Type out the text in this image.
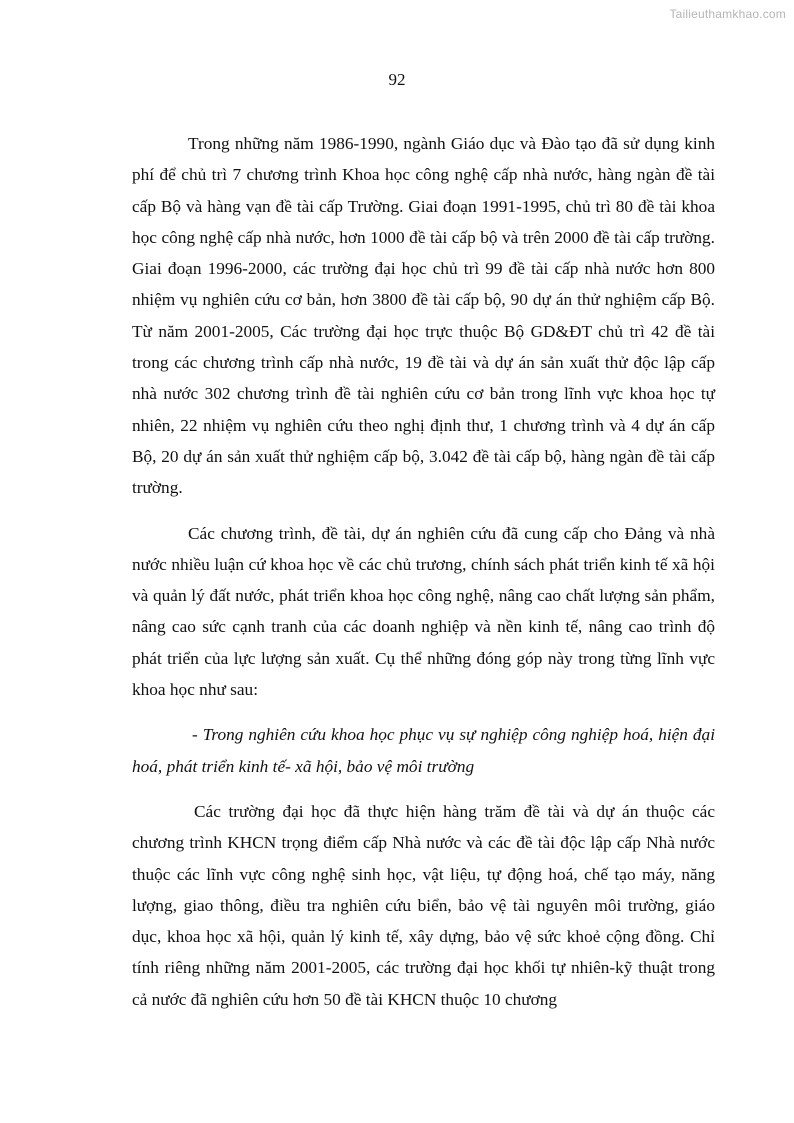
Tailieuthamkhao.com
92

Trong những năm 1986-1990, ngành Giáo dục và Đào tạo đã sử dụng kinh phí để chủ trì 7 chương trình Khoa học công nghệ cấp nhà nước, hàng ngàn đề tài cấp Bộ và hàng vạn đề tài cấp Trường. Giai đoạn 1991-1995, chủ trì 80 đề tài khoa học công nghệ cấp nhà nước, hơn 1000 đề tài cấp bộ và trên 2000 đề tài cấp trường. Giai đoạn 1996-2000, các trường đại học chủ trì 99 đề tài cấp nhà nước hơn 800 nhiệm vụ nghiên cứu cơ bản, hơn 3800 đề tài cấp bộ, 90 dự án thử nghiệm cấp Bộ. Từ năm 2001-2005, Các trường đại học trực thuộc Bộ GD&ĐT chủ trì 42 đề tài trong các chương trình cấp nhà nước, 19 đề tài và dự án sản xuất thử độc lập cấp nhà nước 302 chương trình đề tài nghiên cứu cơ bản trong lĩnh vực khoa học tự nhiên, 22 nhiệm vụ nghiên cứu theo nghị định thư, 1 chương trình và 4 dự án cấp Bộ, 20 dự án sản xuất thử nghiệm cấp bộ, 3.042 đề tài cấp bộ, hàng ngàn đề tài cấp trường.

Các chương trình, đề tài, dự án nghiên cứu đã cung cấp cho Đảng và nhà nước nhiều luận cứ khoa học về các chủ trương, chính sách phát triển kinh tế xã hội và quản lý đất nước, phát triển khoa học công nghệ, nâng cao chất lượng sản phẩm, nâng cao sức cạnh tranh của các doanh nghiệp và nền kinh tế, nâng cao trình độ phát triển của lực lượng sản xuất. Cụ thể những đóng góp này trong từng lĩnh vực khoa học như sau:

- Trong nghiên cứu khoa học phục vụ sự nghiệp công nghiệp hoá, hiện đại hoá, phát triển kinh tế- xã hội, bảo vệ môi trường

Các trường đại học đã thực hiện hàng trăm đề tài và dự án thuộc các chương trình KHCN trọng điểm cấp Nhà nước và các đề tài độc lập cấp Nhà nước thuộc các lĩnh vực công nghệ sinh học, vật liệu, tự động hoá, chế tạo máy, năng lượng, giao thông, điều tra nghiên cứu biển, bảo vệ tài nguyên môi trường, giáo dục, khoa học xã hội, quản lý kinh tế, xây dựng, bảo vệ sức khoẻ cộng đồng. Chỉ tính riêng những năm 2001-2005, các trường đại học khối tự nhiên-kỹ thuật trong cả nước đã nghiên cứu hơn 50 đề tài KHCN thuộc 10 chương
